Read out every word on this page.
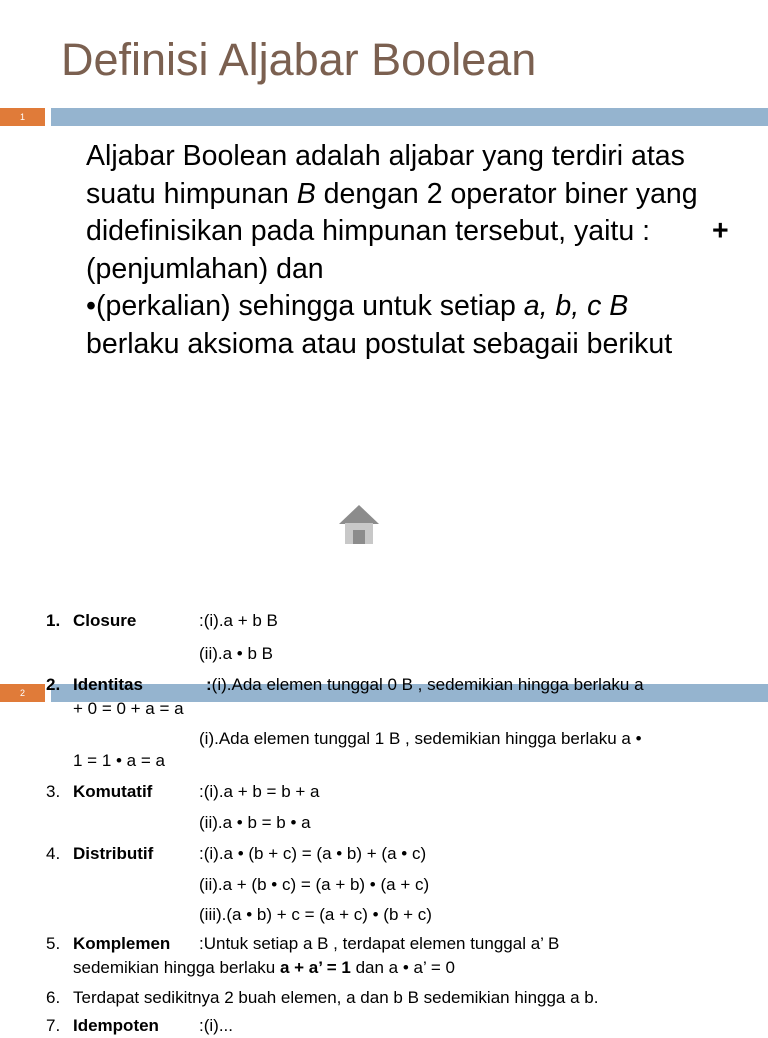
Definisi Aljabar Boolean
1

Aljabar Boolean adalah aljabar yang terdiri atas suatu himpunan B dengan 2 operator biner yang didefinisikan pada himpunan tersebut, yaitu : +(penjumlahan) dan
•(perkalian) sehingga untuk setiap a, b, c B
berlaku aksioma atau postulat sebagaii berikut

1. Closure	:(i).a + b B
(ii).a • b B
2	2. Identitas	:(i).Ada elemen tunggal 0 B , sedemikian hingga berlaku a
+ 0 = 0 + a = a
(i).Ada elemen tunggal 1 B , sedemikian hingga berlaku a •
1 = 1 • a = a
3. Komutatif	:(i).a + b = b + a
(ii).a • b = b • a
4. Distributif	:(i).a • (b + c) = (a • b) + (a • c)
(ii).a + (b • c) = (a + b) • (a + c)
(iii).(a • b) + c = (a + c) • (b + c)
5. Komplemen :Untuk setiap a B , terdapat elemen tunggal a’ B
sedemikian hingga berlaku a + a’ = 1 dan a • a’ = 0
6. Terdapat sedikitnya 2 buah elemen, a dan b B sedemikian hingga a b.
7. Idempoten :(i)...
